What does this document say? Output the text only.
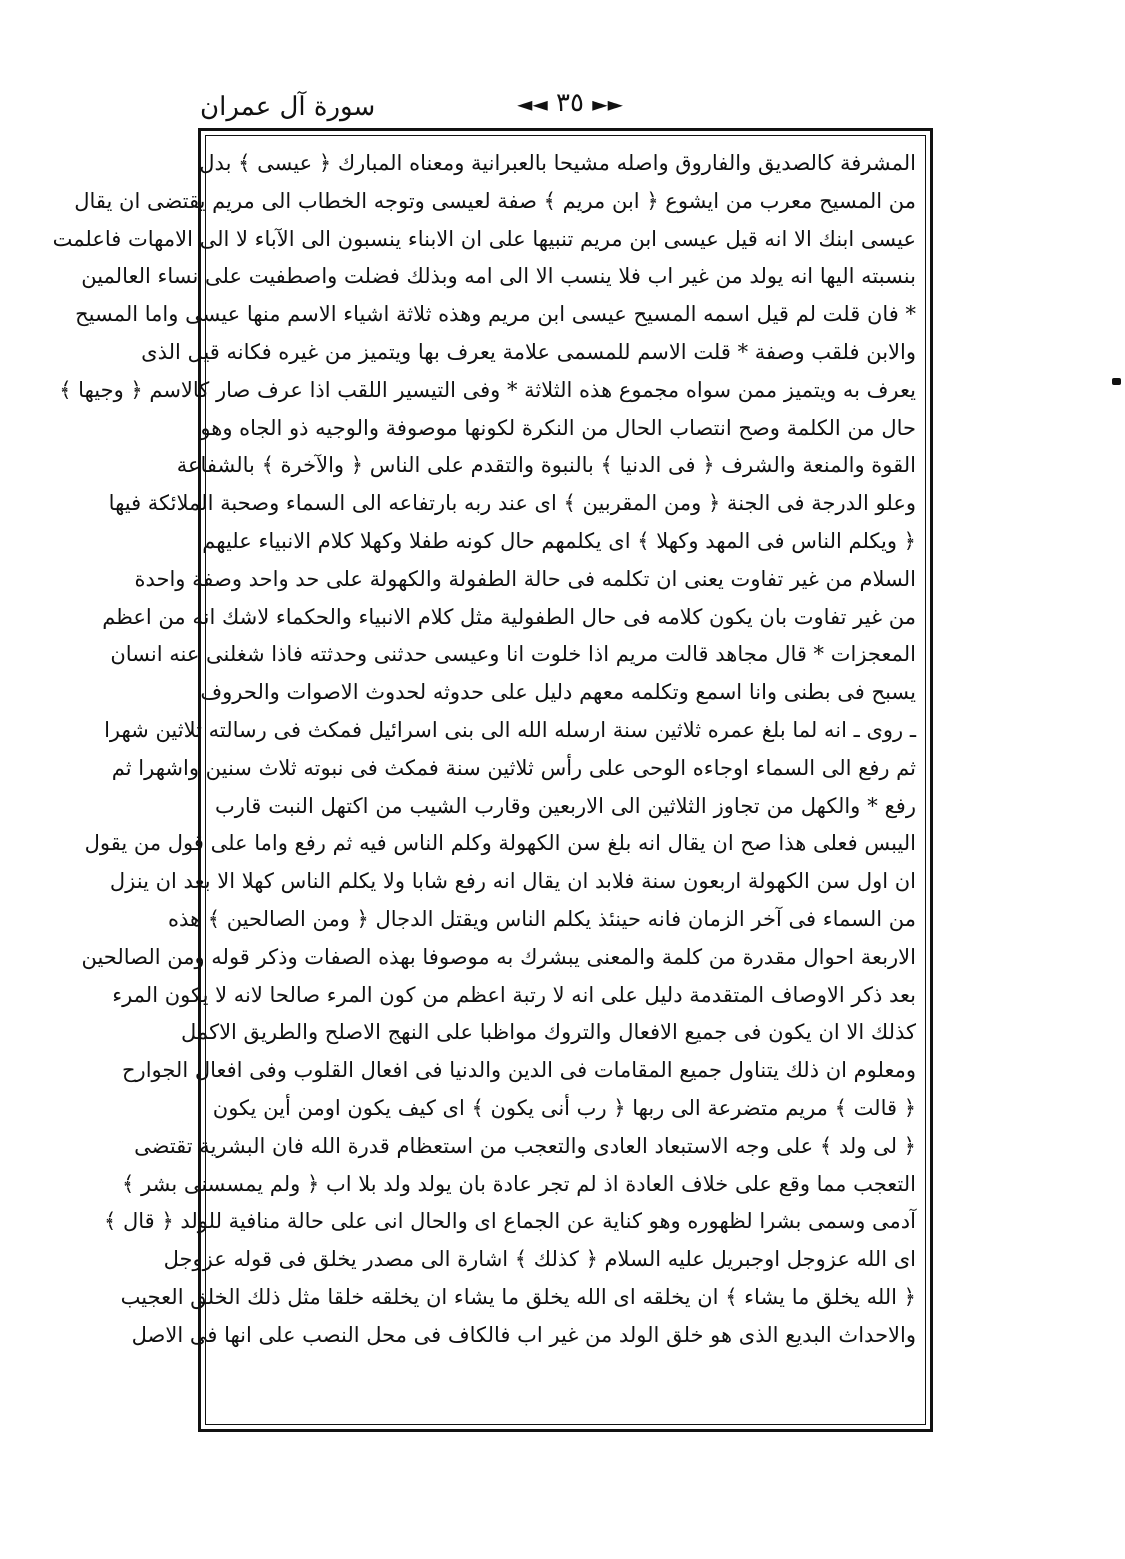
سورة آل عمران	◄◄ ٣٥ ►►
المشرفة كالصديق والفاروق واصله مشيحا بالعبرانية ومعناه المبارك ﴿ عيسى ﴾ بدل
من المسيح معرب من ايشوع ﴿ ابن مريم ﴾ صفة لعيسى وتوجه الخطاب الى مريم يقتضى ان يقال
عيسى ابنك الا انه قيل عيسى ابن مريم تنبيها على ان الابناء ينسبون الى الآباء لا الى الامهات فاعلمت
بنسبته اليها انه يولد من غير اب فلا ينسب الا الى امه وبذلك فضلت واصطفيت على نساء العالمين
* فان قلت لم قيل اسمه المسيح عيسى ابن مريم وهذه ثلاثة اشياء الاسم منها عيسى واما المسيح
والابن فلقب وصفة * قلت الاسم للمسمى علامة يعرف بها ويتميز من غيره فكانه قيل الذى
يعرف به ويتميز ممن سواه مجموع هذه الثلاثة * وفى التيسير اللقب اذا عرف صار كالاسم ﴿ وجيها ﴾
حال من الكلمة وصح انتصاب الحال من النكرة لكونها موصوفة والوجيه ذو الجاه وهو
القوة والمنعة والشرف ﴿ فى الدنيا ﴾ بالنبوة والتقدم على الناس ﴿ والآخرة ﴾ بالشفاعة
وعلو الدرجة فى الجنة ﴿ ومن المقربين ﴾ اى عند ربه بارتفاعه الى السماء وصحبة الملائكة فيها
﴿ ويكلم الناس فى المهد وكهلا ﴾ اى يكلمهم حال كونه طفلا وكهلا كلام الانبياء عليهم
السلام من غير تفاوت يعنى ان تكلمه فى حالة الطفولة والكهولة على حد واحد وصفة واحدة
من غير تفاوت بان يكون كلامه فى حال الطفولية مثل كلام الانبياء والحكماء لاشك انه من اعظم
المعجزات * قال مجاهد قالت مريم اذا خلوت انا وعيسى حدثنى وحدثته فاذا شغلنى عنه انسان
يسبح فى بطنى وانا اسمع وتكلمه معهم دليل على حدوثه لحدوث الاصوات والحروف
ـ روى ـ انه لما بلغ عمره ثلاثين سنة ارسله الله الى بنى اسرائيل فمكث فى رسالته ثلاثين شهرا
ثم رفع الى السماء اوجاءه الوحى على رأس ثلاثين سنة فمكث فى نبوته ثلاث سنين واشهرا ثم
رفع * والكهل من تجاوز الثلاثين الى الاربعين وقارب الشيب من اكتهل النبت قارب
اليبس فعلى هذا صح ان يقال انه بلغ سن الكهولة وكلم الناس فيه ثم رفع واما على قول من يقول
ان اول سن الكهولة اربعون سنة فلابد ان يقال انه رفع شابا ولا يكلم الناس كهلا الا بعد ان ينزل
من السماء فى آخر الزمان فانه حينئذ يكلم الناس ويقتل الدجال ﴿ ومن الصالحين ﴾ هذه
الاربعة احوال مقدرة من كلمة والمعنى يبشرك به موصوفا بهذه الصفات وذكر قوله ومن الصالحين
بعد ذكر الاوصاف المتقدمة دليل على انه لا رتبة اعظم من كون المرء صالحا لانه لا يكون المرء
كذلك الا ان يكون فى جميع الافعال والتروك مواظبا على النهج الاصلح والطريق الاكمل
ومعلوم ان ذلك يتناول جميع المقامات فى الدين والدنيا فى افعال القلوب وفى افعال الجوارح
﴿ قالت ﴾ مريم متضرعة الى ربها ﴿ رب أنى يكون ﴾ اى كيف يكون اومن أين يكون
﴿ لى ولد ﴾ على وجه الاستبعاد العادى والتعجب من استعظام قدرة الله فان البشرية تقتضى
التعجب مما وقع على خلاف العادة اذ لم تجر عادة بان يولد ولد بلا اب ﴿ ولم يمسسنى بشر ﴾
آدمى وسمى بشرا لظهوره وهو كناية عن الجماع اى والحال انى على حالة منافية للولد ﴿ قال ﴾
اى الله عزوجل اوجبريل عليه السلام ﴿ كذلك ﴾ اشارة الى مصدر يخلق فى قوله عزوجل
﴿ الله يخلق ما يشاء ﴾ ان يخلقه اى الله يخلق ما يشاء ان يخلقه خلقا مثل ذلك الخلق العجيب
والاحداث البديع الذى هو خلق الولد من غير اب فالكاف فى محل النصب على انها فى الاصل
